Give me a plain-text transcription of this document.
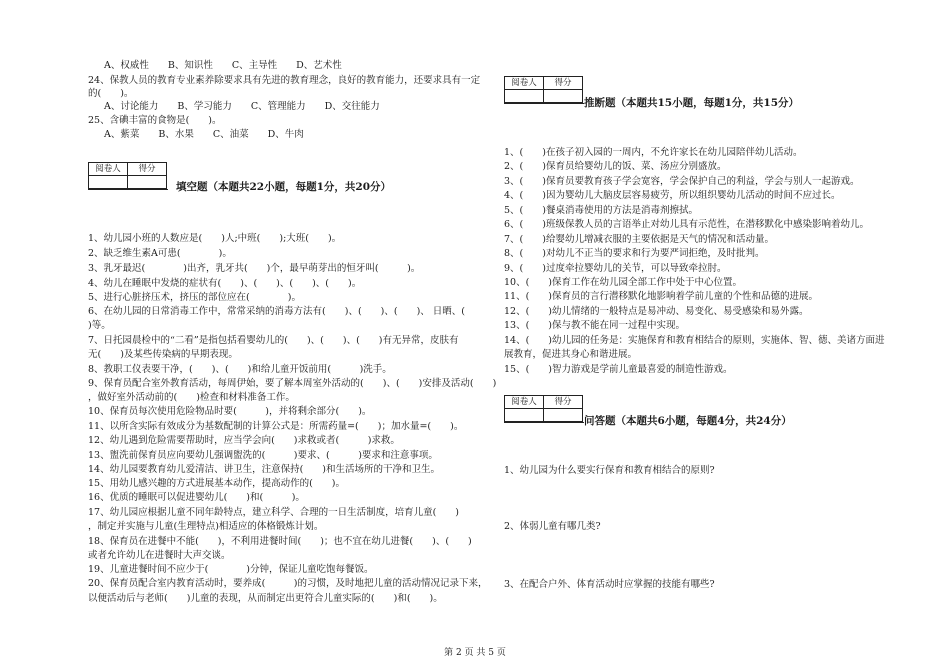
A、权威性　　B、知识性　　C、主导性　　D、艺术性
24、保教人员的教育专业素养除要求具有先进的教育理念，良好的教育能力，还要求具有一定
的(　　)。
A、讨论能力　　B、学习能力　　C、管理能力　　D、交往能力
25、含碘丰富的食物是(　　)。
A、紫菜　　B、水果　　C、油菜　　D、牛肉
阅卷人	得分

填空题（本题共22小题，每题1分，共20分）
1、幼儿园小班的人数应是(　　)人;中班(　　);大班(　　)。
2、缺乏维生素A可患(　　　　)。
3、乳牙最迟(　　　　)出齐，乳牙共(　　)个，最早萌芽出的恒牙叫(　　　)。
4、幼儿在睡眠中发烧的症状有(　　)、(　　)、(　　)、(　　)。
5、进行心脏挤压术，挤压的部位应在(　　　　)。
6、在幼儿园的日常消毒工作中，常常采纳的消毒方法有(　　)、(　　)、(　　)、 日晒、(　　
)等。
7、日托园晨检中的“二看”是指包括看婴幼儿的(　　)、(　　)、(　　)有无异常，皮肤有
无(　　)及某些传染病的早期表现。
8、教职工仪表要干净，(　　)、(　　)和给儿童开饭前用(　　　)洗手。
9、保育员配合室外教育活动，每周伊始，要了解本周室外活动的(　　)、(　　)安排及活动(　　)
，做好室外活动前的(　　)检查和材料准备工作。
10、保育员每次使用危险物品时要(　　　)，并将剩余部分(　　)。
11、以所含实际有效成分为基数配制的计算公式是：所需药量=(　　)；加水量=(　　)。
12、幼儿遇到危险需要帮助时，应当学会向(　　)求救或者(　　　)求救。
13、盥洗前保育员应向要幼儿强调盥洗的(　　　)要求、(　　　)要求和注意事项。
14、幼儿园要教育幼儿爱清洁、讲卫生，注意保持(　　)和生活场所的干净和卫生。
15、用幼儿感兴趣的方式进展基本动作，提高动作的(　　)。
16、优质的睡眠可以促进婴幼儿(　　)和(　　　)。
17、幼儿园应根据儿童不同年龄特点，建立科学、合理的一日生活制度，培育儿童(　　)
，制定并实施与儿童(生理特点)相适应的体格锻炼计划。
18、保育员在进餐中不能(　　)，不利用进餐时间(　　)；也不宜在幼儿进餐(　　)、(　　)
或者允许幼儿在进餐时大声交谈。
19、儿童进餐时间不应少于(　　　　)分钟，保证儿童吃饱每餐饭。
20、保育员配合室内教育活动时，要养成(　　　)的习惯，及时地把儿童的活动情况记录下来，
以便活动后与老师(　　)儿童的表现，从而制定出更符合儿童实际的(　　)和(　　)。
阅卷人	得分

推断题（本题共15小题，每题1分，共15分）
1、(　　)在孩子初入园的一周内，不允许家长在幼儿园陪伴幼儿活动。
2、(　　)保育员给婴幼儿的饭、菜、汤应分别盛放。
3、(　　)保育员要教育孩子学会宽容，学会保护自己的利益，学会与别人一起游戏。
4、(　　)因为婴幼儿大脑皮层容易疲劳，所以组织婴幼儿活动的时间不应过长。
5、(　　)餐桌消毒使用的方法是消毒剂擦拭。
6、(　　)班级保教人员的言语举止对幼儿具有示范性，在潜移默化中感染影响着幼儿。
7、(　　)给婴幼儿增减衣服的主要依据是天气的情况和活动量。
8、(　　)对幼儿不正当的要求和行为要严词拒绝，及时批判。
9、(　　)过度牵拉婴幼儿的关节，可以导致牵拉肘。
10、(　　)保育工作在幼儿园全部工作中处于中心位置。
11、(　　)保育员的言行潜移默化地影响着学前儿童的个性和品德的进展。
12、(　　)幼儿情绪的一般特点是易冲动、易变化、易受感染和易外露。
13、(　　)保与教不能在同一过程中实现。
14、(　　)幼儿园的任务是：实施保育和教育相结合的原则，实施体、智、德、美诸方面进
展教育，促进其身心和谐进展。
15、(　　)智力游戏是学前儿童最喜爱的制造性游戏。
阅卷人	得分

问答题（本题共6小题，每题4分，共24分）
1、幼儿园为什么要实行保育和教育相结合的原则?
2、体弱儿童有哪几类?
3、在配合户外、体育活动时应掌握的技能有哪些?
第 2 页 共 5 页
